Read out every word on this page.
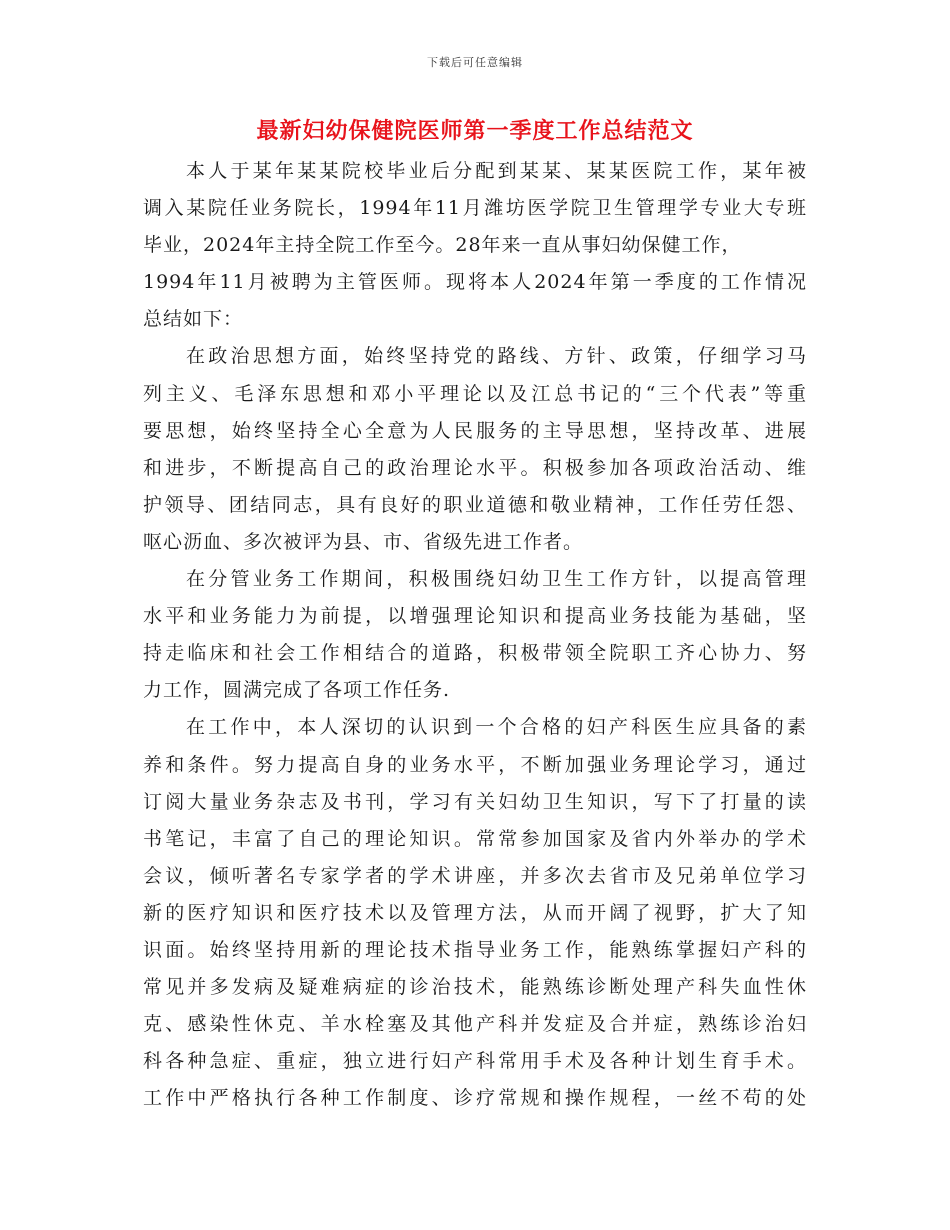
下载后可任意编辑
最新妇幼保健院医师第一季度工作总结范文
本人于某年某某院校毕业后分配到某某、某某医院工作，某年被
调入某院任业务院长，1994年11月潍坊医学院卫生管理学专业大专班
毕业，2024年主持全院工作至今。28年来一直从事妇幼保健工作，
1994年11月被聘为主管医师。现将本人2024年第一季度的工作情况
总结如下：
在政治思想方面，始终坚持党的路线、方针、政策，仔细学习马
列主义、毛泽东思想和邓小平理论以及江总书记的“三个代表”等重
要思想，始终坚持全心全意为人民服务的主导思想，坚持改革、进展
和进步，不断提高自己的政治理论水平。积极参加各项政治活动、维
护领导、团结同志，具有良好的职业道德和敬业精神，工作任劳任怨、
呕心沥血、多次被评为县、市、省级先进工作者。
在分管业务工作期间，积极围绕妇幼卫生工作方针，以提高管理
水平和业务能力为前提，以增强理论知识和提高业务技能为基础，坚
持走临床和社会工作相结合的道路，积极带领全院职工齐心协力、努
力工作，圆满完成了各项工作任务.
在工作中，本人深切的认识到一个合格的妇产科医生应具备的素
养和条件。努力提高自身的业务水平，不断加强业务理论学习，通过
订阅大量业务杂志及书刊，学习有关妇幼卫生知识，写下了打量的读
书笔记，丰富了自己的理论知识。常常参加国家及省内外举办的学术
会议，倾听著名专家学者的学术讲座，并多次去省市及兄弟单位学习
新的医疗知识和医疗技术以及管理方法，从而开阔了视野，扩大了知
识面。始终坚持用新的理论技术指导业务工作，能熟练掌握妇产科的
常见并多发病及疑难病症的诊治技术，能熟练诊断处理产科失血性休
克、感染性休克、羊水栓塞及其他产科并发症及合并症，熟练诊治妇
科各种急症、重症，独立进行妇产科常用手术及各种计划生育手术。
工作中严格执行各种工作制度、诊疗常规和操作规程，一丝不苟的处
